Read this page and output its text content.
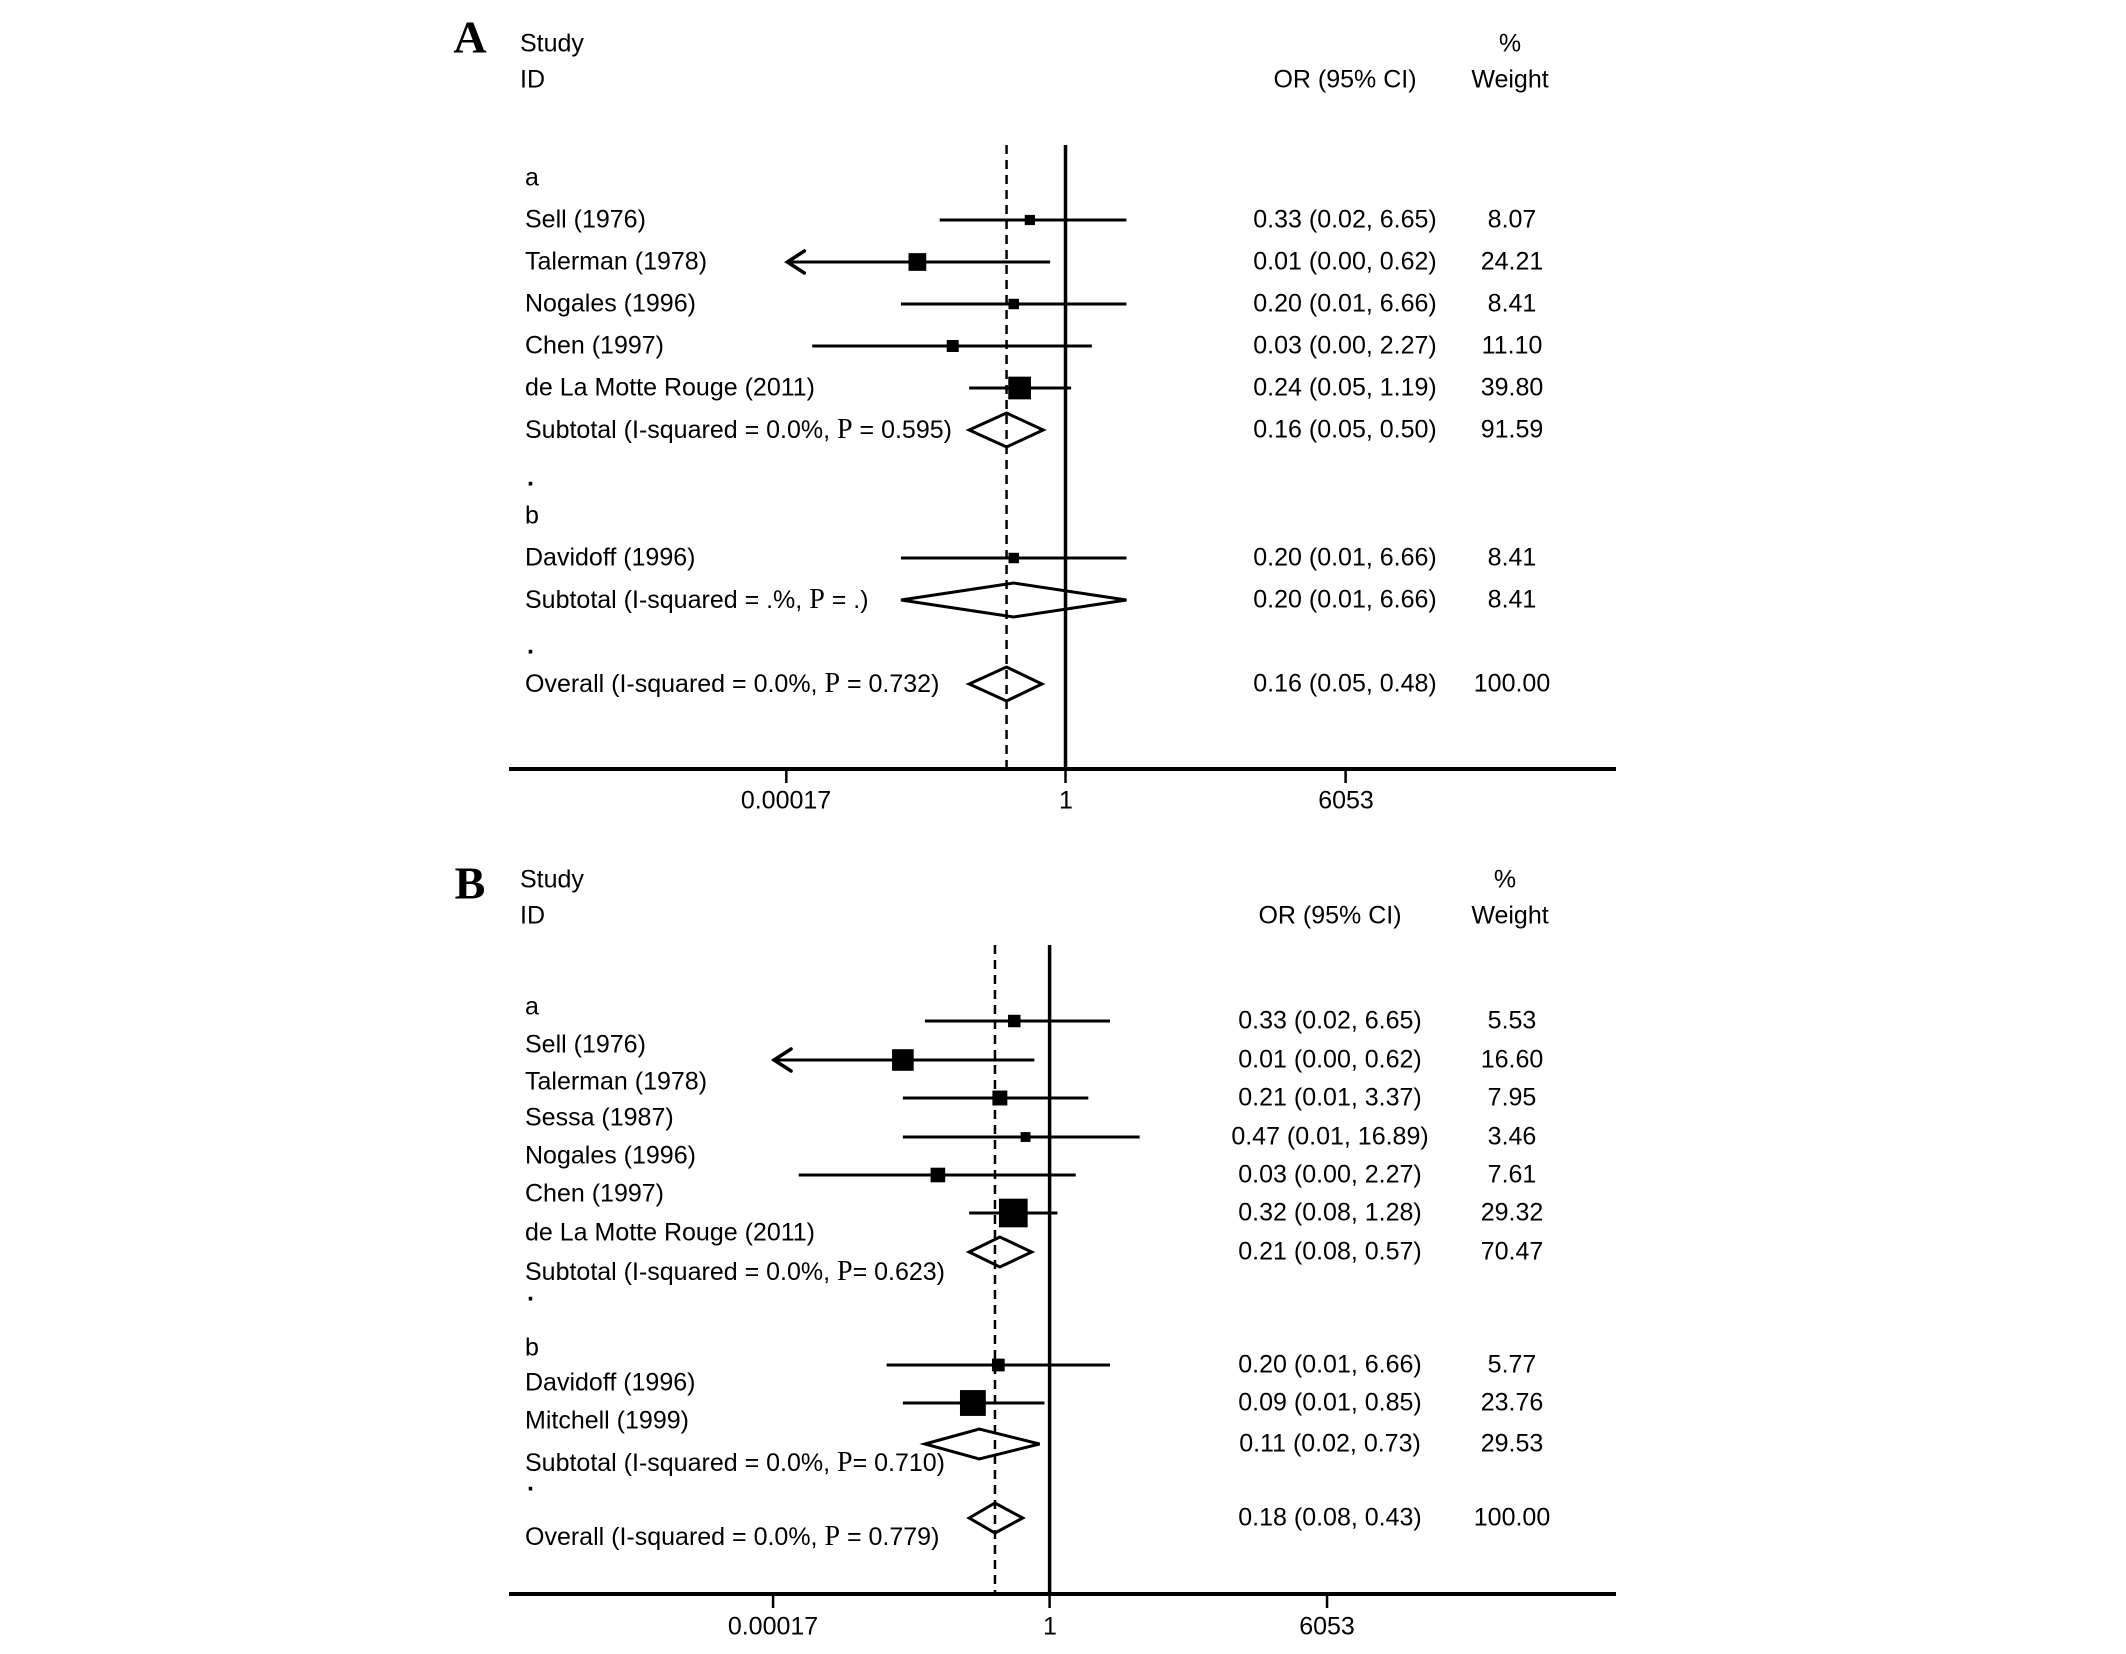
A Study
ID	OR (95% CI)
%
Weight
0.00017	1	6053
B Study
ID	OR (95% CI)
%
Weight
0.00017	1	6053
a
Sell (1976)	0.33 (0.02, 6.65) 8.07
Talerman (1978)	0.01 (0.00, 0.62) 24.21
Nogales (1996)	0.20 (0.01, 6.66) 8.41
Chen (1997)	0.03 (0.00, 2.27) 11.10
de La Motte Rouge (2011)	0.24 (0.05, 1.19) 39.80
Subtotal (I-squared = 0.0%, P = 0.595)	0.16 (0.05, 0.50) 91.59
.
b
Davidoff (1996)	0.20 (0.01, 6.66) 8.41
Subtotal (I-squared = .%, P = .)	0.20 (0.01, 6.66) 8.41
.
Overall (I-squared = 0.0%, P = 0.732)	0.16 (0.05, 0.48) 100.00
a
Sell (1976)
0.33 (0.02, 6.65)	5.53
Talerman (1978)
0.01 (0.00, 0.62) 16.60
Sessa (1987)
0.21 (0.01, 3.37)	7.95
Nogales (1996)
0.47 (0.01, 16.89) 3.46
Chen (1997)
0.03 (0.00, 2.27)	7.61
de La Motte Rouge (2011)
0.32 (0.08, 1.28) 29.32
Subtotal (I-squared = 0.0%, P= 0.623)
0.21 (0.08, 0.57) 70.47
.
b
Davidoff (1996)
0.20 (0.01, 6.66)	5.77
Mitchell (1999)
0.09 (0.01, 0.85) 23.76
Subtotal (I-squared = 0.0%, P= 0.710)
0.11 (0.02, 0.73) 29.53
.
Overall (I-squared = 0.0%, P = 0.779)
0.18 (0.08, 0.43) 100.00
